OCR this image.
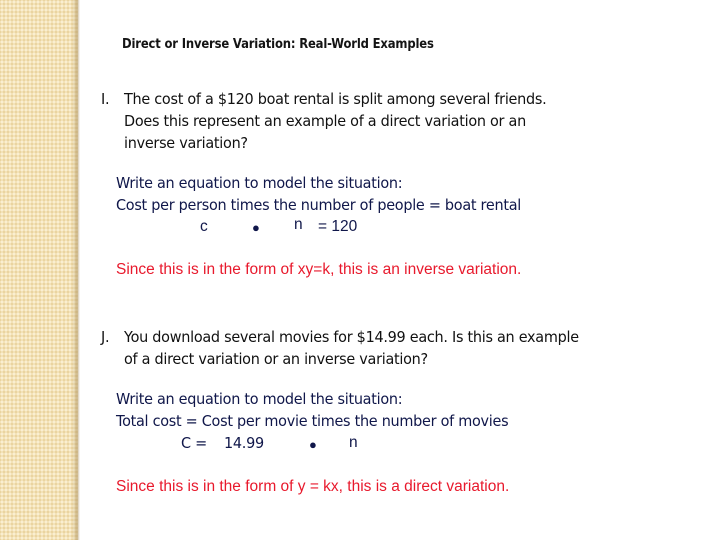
Direct or Inverse Variation: Real-World Examples
I. The cost of a $120 boat rental is split among several friends.
Does this represent an example of a direct variation or an
inverse variation?
Write an equation to model the situation:
Cost per person times the number of people = boat rental
c	● n = 120
Since this is in the form of xy=k, this is an inverse variation.
J. You download several movies for $14.99 each. Is this an example
of a direct variation or an inverse variation?
Write an equation to model the situation:
Total cost = Cost per movie times the number of movies
C = 14.99	● n
Since this is in the form of y = kx, this is a direct variation.
